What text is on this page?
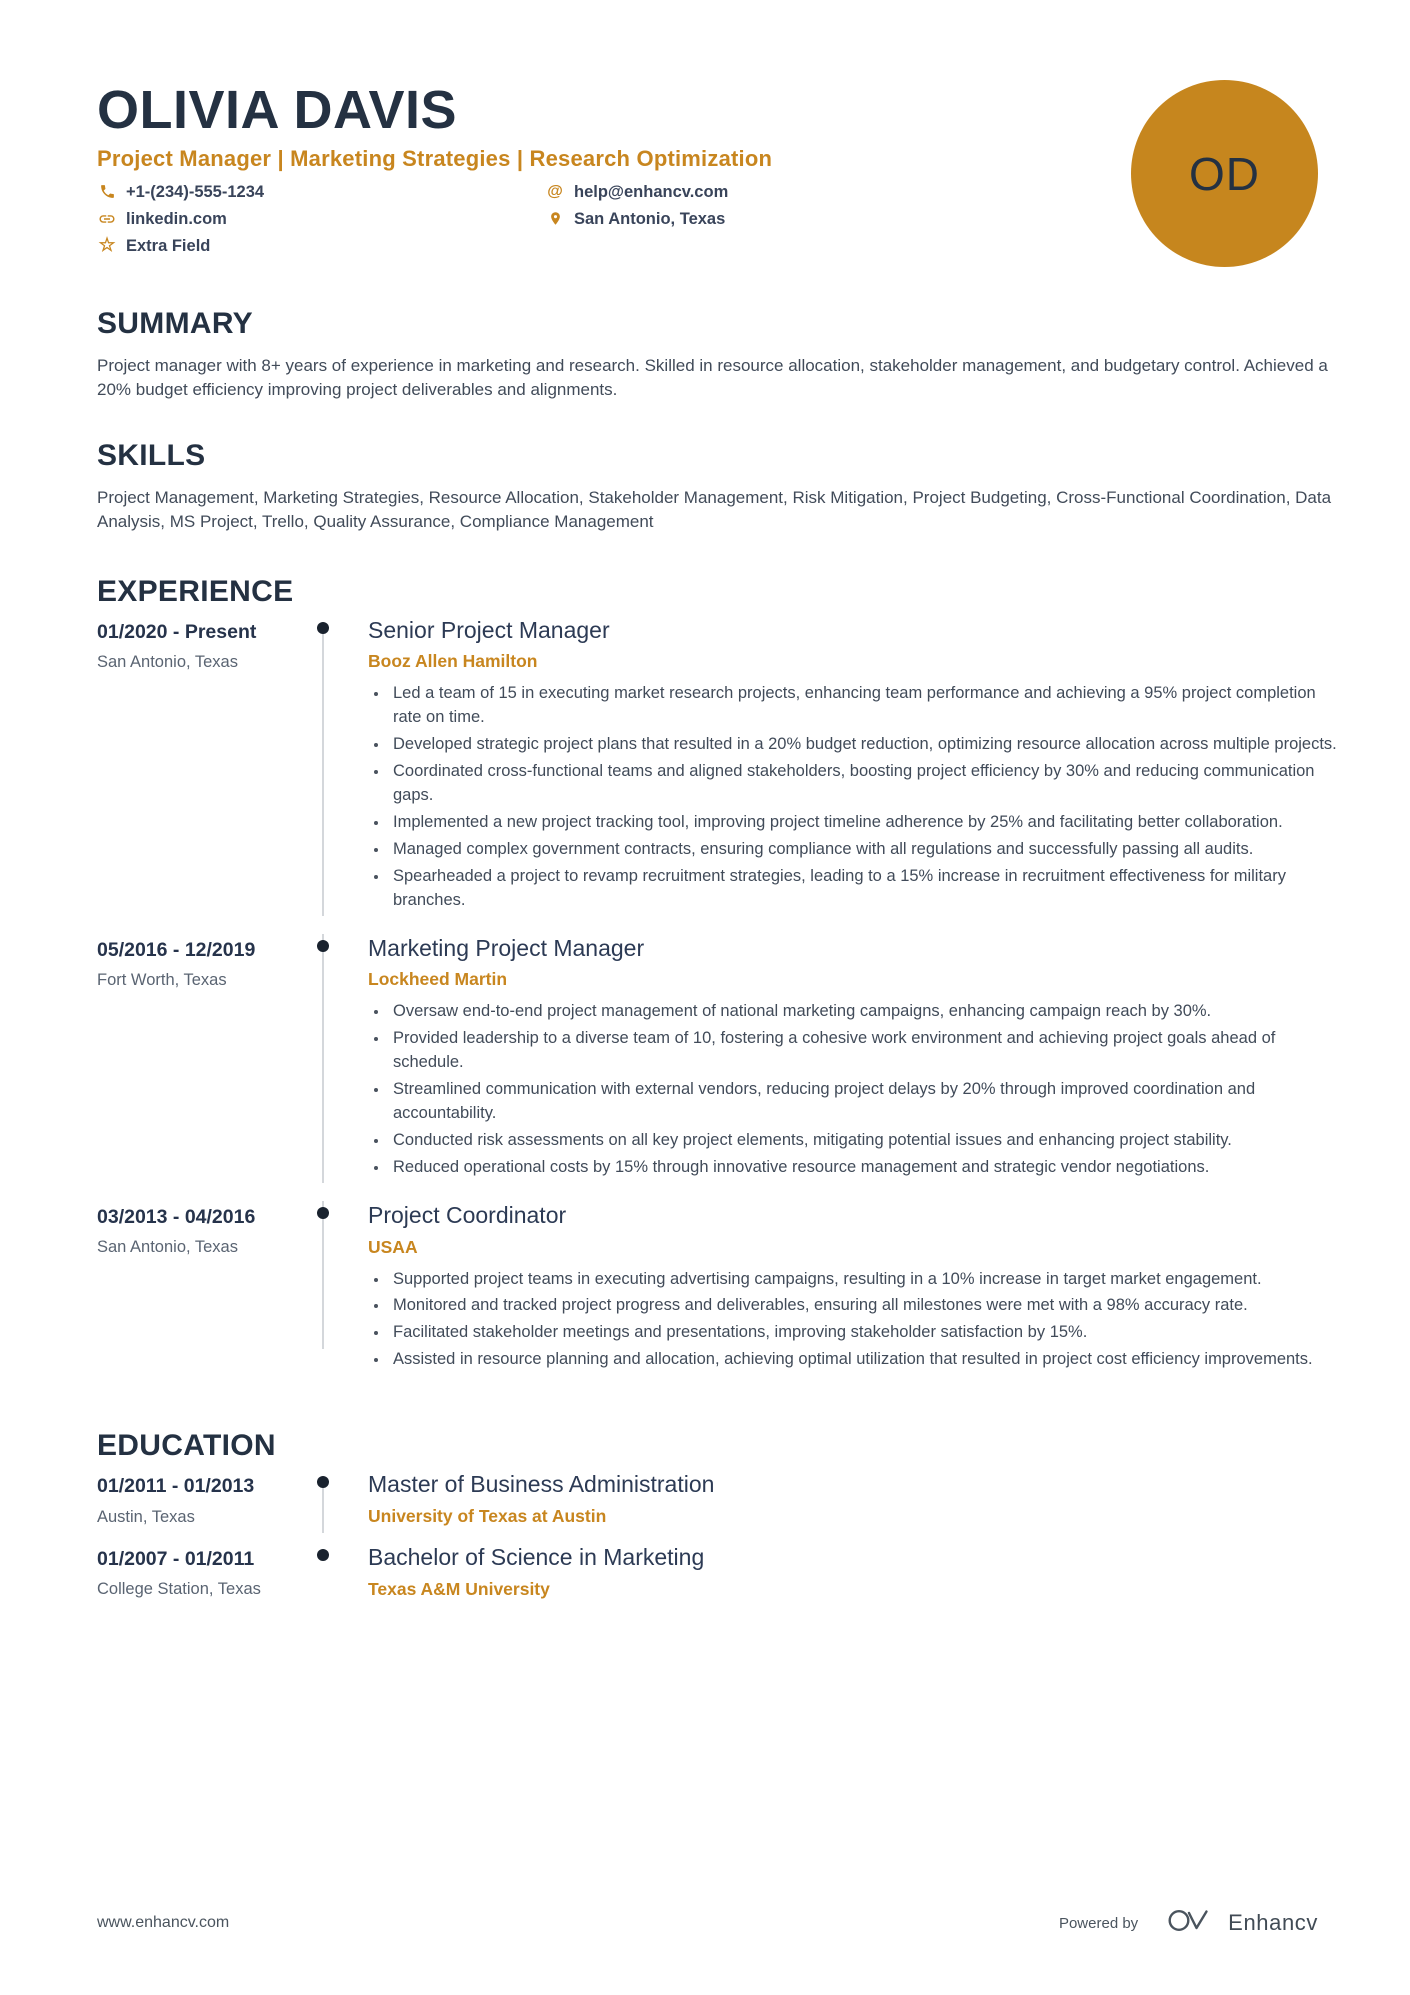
OLIVIA DAVIS
Project Manager | Marketing Strategies | Research Optimization
+1-(234)-555-1234
linkedin.com
☆ Extra Field
@ help@enhancv.com
San Antonio, Texas
OD
SUMMARY

Project manager with 8+ years of experience in marketing and research. Skilled in resource allocation, stakeholder management, and budgetary control. Achieved a 20% budget efficiency improving project deliverables and alignments.

SKILLS

Project Management, Marketing Strategies, Resource Allocation, Stakeholder Management, Risk Mitigation, Project Budgeting, Cross-Functional Coordination, Data Analysis, MS Project, Trello, Quality Assurance, Compliance Management

EXPERIENCE
01/2020 - Present
San Antonio, Texas
Senior Project Manager
Booz Allen Hamilton
• Led a team of 15 in executing market research projects, enhancing team performance and achieving a 95% project completion rate on time.
• Developed strategic project plans that resulted in a 20% budget reduction, optimizing resource allocation across multiple projects.
• Coordinated cross-functional teams and aligned stakeholders, boosting project efficiency by 30% and reducing communication gaps.
• Implemented a new project tracking tool, improving project timeline adherence by 25% and facilitating better collaboration.
• Managed complex government contracts, ensuring compliance with all regulations and successfully passing all audits.
• Spearheaded a project to revamp recruitment strategies, leading to a 15% increase in recruitment effectiveness for military branches.
05/2016 - 12/2019
Fort Worth, Texas
Marketing Project Manager
Lockheed Martin
• Oversaw end-to-end project management of national marketing campaigns, enhancing campaign reach by 30%.
• Provided leadership to a diverse team of 10, fostering a cohesive work environment and achieving project goals ahead of schedule.
• Streamlined communication with external vendors, reducing project delays by 20% through improved coordination and accountability.
• Conducted risk assessments on all key project elements, mitigating potential issues and enhancing project stability.
• Reduced operational costs by 15% through innovative resource management and strategic vendor negotiations.
03/2013 - 04/2016
San Antonio, Texas
Project Coordinator
USAA
• Supported project teams in executing advertising campaigns, resulting in a 10% increase in target market engagement.
• Monitored and tracked project progress and deliverables, ensuring all milestones were met with a 98% accuracy rate.
• Facilitated stakeholder meetings and presentations, improving stakeholder satisfaction by 15%.
• Assisted in resource planning and allocation, achieving optimal utilization that resulted in project cost efficiency improvements.
EDUCATION
01/2011 - 01/2013
Austin, Texas
Master of Business Administration
University of Texas at Austin
01/2007 - 01/2011
College Station, Texas
Bachelor of Science in Marketing
Texas A&M University
www.enhancv.com	Powered by	Enhancv
